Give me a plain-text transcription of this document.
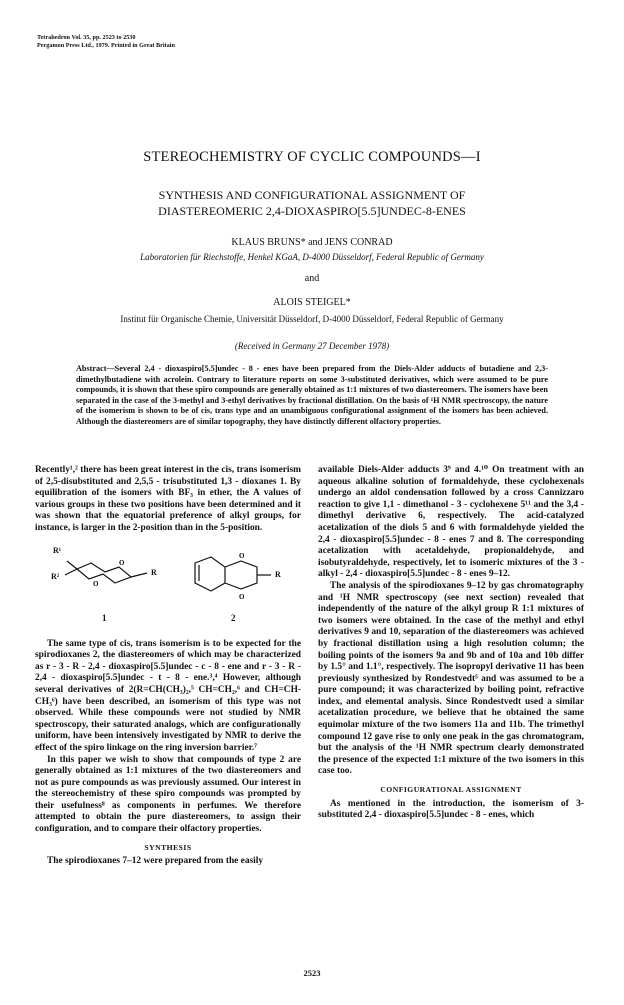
Tetrahedron Vol. 35, pp. 2523 to 2530
Pergamon Press Ltd., 1979. Printed in Great Britain
STEREOCHEMISTRY OF CYCLIC COMPOUNDS—I
SYNTHESIS AND CONFIGURATIONAL ASSIGNMENT OF
DIASTEREOMERIC 2,4-DIOXASPIRO[5.5]UNDEC-8-ENES
KLAUS BRUNS* and JENS CONRAD
Laboratorien für Riechstoffe, Henkel KGaA, D-4000 Düsseldorf, Federal Republic of Germany
and
ALOIS STEIGEL*
Institut für Organische Chemie, Universität Düsseldorf, D-4000 Düsseldorf, Federal Republic of Germany
(Received in Germany 27 December 1978)
Abstract—Several 2,4 - dioxaspiro[5.5]undec - 8 - enes have been prepared from the Diels-Alder adducts of butadiene and 2,3-dimethylbutadiene with acrolein. Contrary to literature reports on some 3-substituted derivatives, which were assumed to be pure compounds, it is shown that these spiro compounds are generally obtained as 1:1 mixtures of two diastereomers. The isomers have been separated in the case of the 3-methyl and 3-ethyl derivatives by fractional distillation. On the basis of ¹H NMR spectroscopy, the nature of the isomerism is shown to be of cis, trans type and an unambiguous configurational assignment of the isomers has been achieved. Although the diastereomers are of similar topography, they have distinctly different olfactory properties.

Recently¹,² there has been great interest in the cis, trans isomerism of 2,5-disubstituted and 2,5,5 - trisubstituted 1,3 - dioxanes 1. By equilibration of the isomers with BF₃ in ether, the A values of various groups in these two positions have been determined and it was shown that the equatorial preference of alkyl groups, for instance, is larger in the 2-position than in the 5-position.

O
O
O
O
R¹
R²	R	R
1	2

The same type of cis, trans isomerism is to be expected for the spirodioxanes 2, the diastereomers of which may be characterized as r - 3 - R - 2,4 - dioxaspiro[5.5]undec - c - 8 - ene and r - 3 - R - 2,4 - dioxaspiro[5.5]undec - t - 8 - ene.³,⁴ However, although several derivatives of 2(R=CH(CH₃)₂,⁵ CH=CH₂,⁶ and CH=CH-CH₃⁶) have been described, an isomerism of this type was not observed. While these compounds were not studied by NMR spectroscopy, their saturated analogs, which are configurationally uniform, have been intensively investigated by NMR to derive the effect of the spiro linkage on the ring inversion barrier.⁷

In this paper we wish to show that compounds of type 2 are generally obtained as 1:1 mixtures of the two diastereomers and not as pure compounds as was previously assumed. Our interest in the stereochemistry of these spiro compounds was prompted by their usefulness⁸ as components in perfumes. We therefore attempted to obtain the pure diastereomers, to assign their configuration, and to compare their olfactory properties.

SYNTHESIS

The spirodioxanes 7–12 were prepared from the easily

available Diels-Alder adducts 3⁹ and 4.¹⁰ On treatment with an aqueous alkaline solution of formaldehyde, these cyclohexenals undergo an aldol condensation followed by a cross Cannizzaro reaction to give 1,1 - dimethanol - 3 - cyclohexene 5¹¹ and the 3,4 - dimethyl derivative 6, respectively. The acid-catalyzed acetalization of the diols 5 and 6 with formaldehyde yielded the 2,4 - dioxaspiro[5.5]undec - 8 - enes 7 and 8. The corresponding acetalization with acetaldehyde, propionaldehyde, and isobutyraldehyde, respectively, let to isomeric mixtures of the 3 - alkyl - 2,4 - dioxaspiro[5.5]undec - 8 - enes 9–12.

The analysis of the spirodioxanes 9–12 by gas chromatography and ¹H NMR spectroscopy (see next section) revealed that independently of the nature of the alkyl group R 1:1 mixtures of two isomers were obtained. In the case of the methyl and ethyl derivatives 9 and 10, separation of the diastereomers was achieved by fractional distillation using a high resolution column; the boiling points of the isomers 9a and 9b and of 10a and 10b differ by 1.5° and 1.1°, respectively. The isopropyl derivative 11 has been previously synthesized by Rondestvedt⁵ and was assumed to be a pure compound; it was characterized by boiling point, refractive index, and elemental analysis. Since Rondestvedt used a similar acetalization procedure, we believe that he obtained the same equimolar mixture of the two isomers 11a and 11b. The trimethyl compound 12 gave rise to only one peak in the gas chromatogram, but the analysis of the ¹H NMR spectrum clearly demonstrated the presence of the expected 1:1 mixture of the two isomers in this case too.

CONFIGURATIONAL ASSIGNMENT

As mentioned in the introduction, the isomerism of 3-substituted 2,4 - dioxaspiro[5.5]undec - 8 - enes, which

2523
